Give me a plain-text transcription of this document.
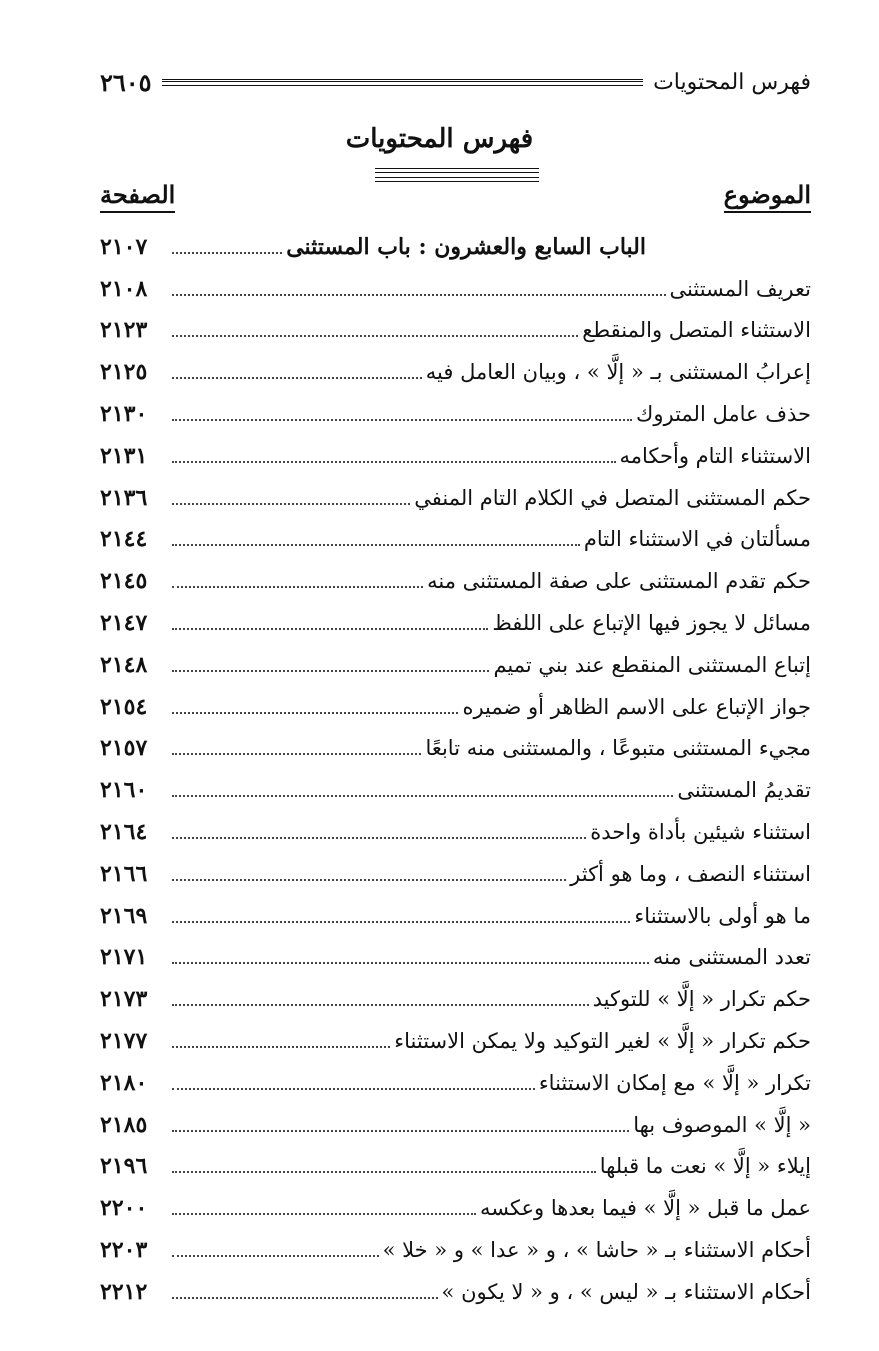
فهرس المحتويات
٢٦٠٥
فهرس المحتويات
الموضوع
الصفحة
الباب السابع والعشرون : باب المستثنى
٢١٠٧
تعريف المستثنى
٢١٠٨
الاستثناء المتصل والمنقطع
٢١٢٣
إعرابُ المستثنى بـ « إلَّا » ، وبيان العامل فيه
٢١٢٥
حذف عامل المتروك
٢١٣٠
الاستثناء التام وأحكامه
٢١٣١
حكم المستثنى المتصل في الكلام التام المنفي
٢١٣٦
مسألتان في الاستثناء التام
٢١٤٤
حكم تقدم المستثنى على صفة المستثنى منه
٢١٤٥
مسائل لا يجوز فيها الإتباع على اللفظ
٢١٤٧
إتباع المستثنى المنقطع عند بني تميم
٢١٤٨
جواز الإتباع على الاسم الظاهر أو ضميره
٢١٥٤
مجيء المستثنى متبوعًا ، والمستثنى منه تابعًا
٢١٥٧
تقديمُ المستثنى
٢١٦٠
استثناء شيئين بأداة واحدة
٢١٦٤
استثناء النصف ، وما هو أكثر
٢١٦٦
ما هو أولى بالاستثناء
٢١٦٩
تعدد المستثنى منه
٢١٧١
حكم تكرار « إلَّا » للتوكيد
٢١٧٣
حكم تكرار « إلَّا » لغير التوكيد ولا يمكن الاستثناء
٢١٧٧
تكرار « إلَّا » مع إمكان الاستثناء
٢١٨٠
« إلَّا » الموصوف بها
٢١٨٥
إيلاء « إلَّا » نعت ما قبلها
٢١٩٦
عمل ما قبل « إلَّا » فيما بعدها وعكسه
٢٢٠٠
أحكام الاستثناء بـ « حاشا » ، و « عدا » و « خلا »
٢٢٠٣
أحكام الاستثناء بـ « ليس » ، و « لا يكون »
٢٢١٢
